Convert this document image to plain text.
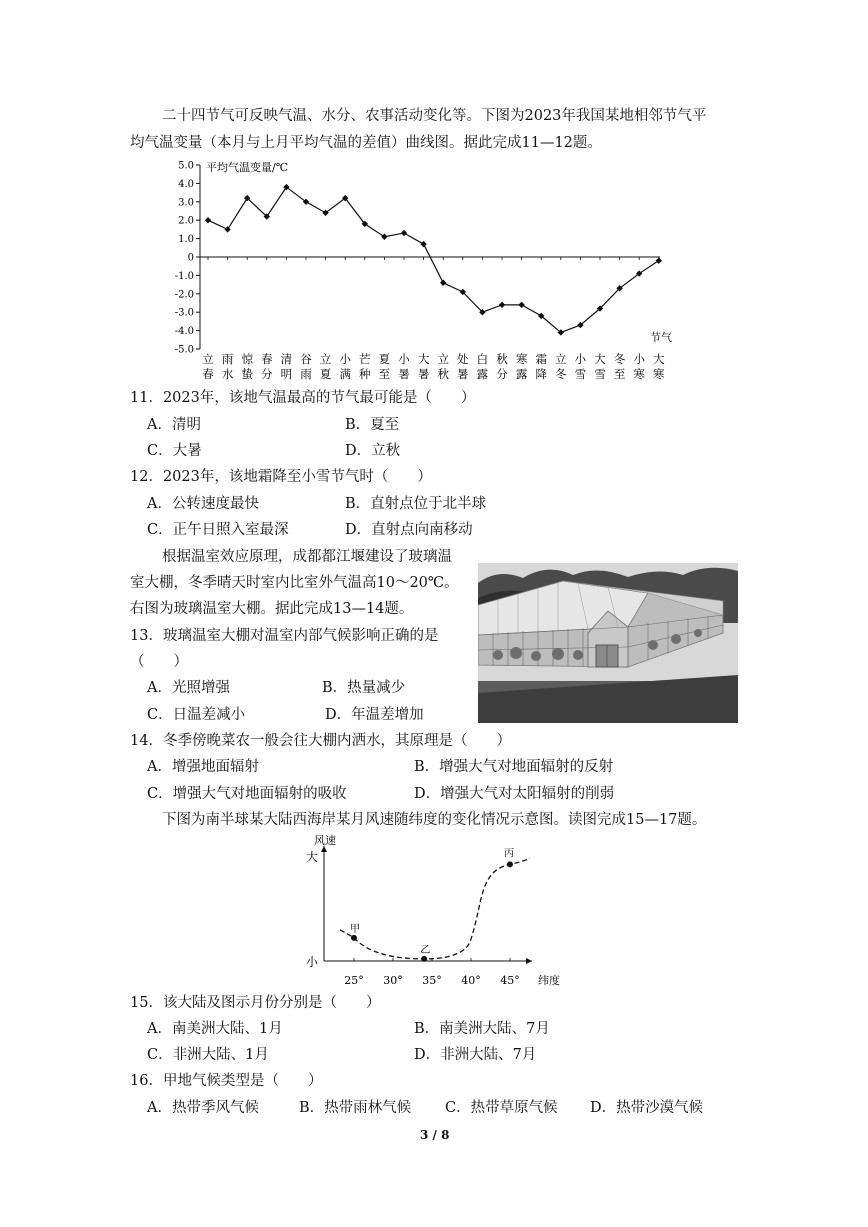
二十四节气可反映气温、水分、农事活动变化等。下图为2023年我国某地相邻节气平
均气温变量（本月与上月平均气温的差值）曲线图。据此完成11—12题。
5.0
4.0
3.0
2.0
1.0
0
-1.0
-2.0
-3.0
-4.0
-5.0
立
春
雨
水
惊
蛰
春
分
清
明
谷
雨
立
夏
小
满
芒
种
夏
至
小
暑
大
暑
立
秋
处
暑
白
露
秋
分
寒
露
霜
降
立
冬
小
雪
大
雪
冬
至
小
寒
大
寒
平均气温变量/℃
节气
11．2023年，该地气温最高的节气最可能是（　　）
A．清明	B．夏至
C．大暑	D．立秋
12．2023年，该地霜降至小雪节气时（　　）
A．公转速度最快	B．直射点位于北半球
C．正午日照入室最深	D．直射点向南移动
根据温室效应原理，成都都江堰建设了玻璃温
室大棚，冬季晴天时室内比室外气温高10～20℃。
右图为玻璃温室大棚。据此完成13—14题。
13．玻璃温室大棚对温室内部气候影响正确的是
（　　）
A．光照增强	B．热量减少
C．日温差减小	D．年温差增加
14．冬季傍晚菜农一般会往大棚内洒水，其原理是（　　）
A．增强地面辐射	B．增强大气对地面辐射的反射
C．增强大气对地面辐射的吸收	D．增强大气对太阳辐射的削弱
下图为南半球某大陆西海岸某月风速随纬度的变化情况示意图。读图完成15—17题。
25° 30° 35° 40° 45°
甲
乙
丙
风速
大
小
纬度
15．该大陆及图示月份分别是（　　）
A．南美洲大陆、1月	B．南美洲大陆、7月
C．非洲大陆、1月	D．非洲大陆、7月
16．甲地气候类型是（　　）
A．热带季风气候	B．热带雨林气候 C．热带草原气候 D．热带沙漠气候
3 / 8
